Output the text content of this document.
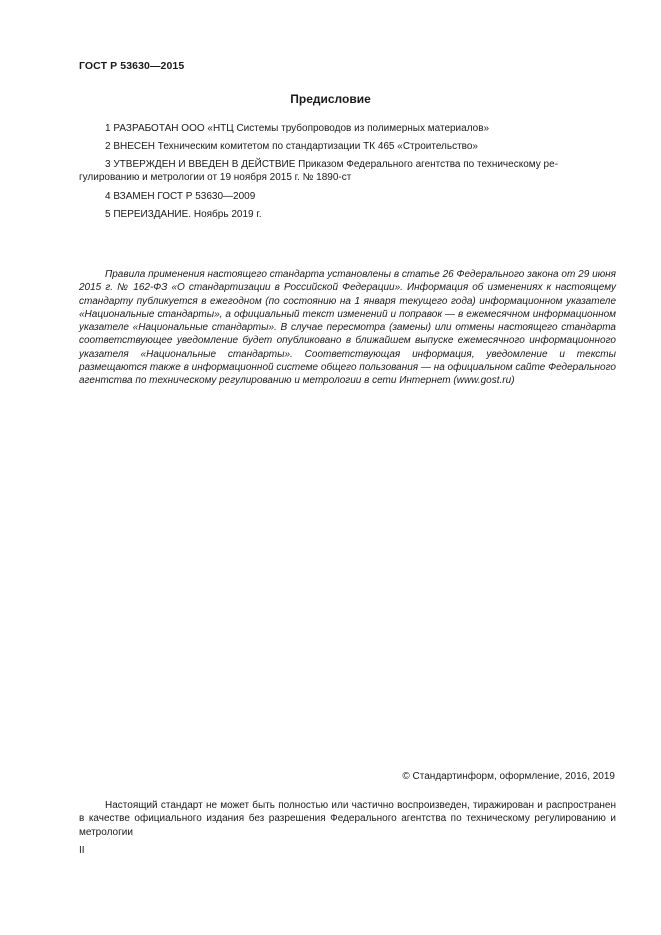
ГОСТ Р 53630—2015
Предисловие
1 РАЗРАБОТАН ООО «НТЦ Системы трубопроводов из полимерных материалов»
2 ВНЕСЕН Техническим комитетом по стандартизации ТК 465 «Строительство»
3 УТВЕРЖДЕН И ВВЕДЕН В ДЕЙСТВИЕ Приказом Федерального агентства по техническому ре-
гулированию и метрологии от 19 ноября 2015 г. № 1890-ст
4 ВЗАМЕН ГОСТ Р 53630—2009
5 ПЕРЕИЗДАНИЕ. Ноябрь 2019 г.
Правила применения настоящего стандарта установлены в статье 26 Федерального закона от 29 июня 2015 г. № 162-ФЗ «О стандартизации в Российской Федерации». Информация об изменениях к настоящему стандарту публикуется в ежегодном (по состоянию на 1 января текущего года) информационном указателе «Национальные стандарты», а официальный текст изменений и поправок — в ежемесячном информационном указателе «Национальные стандарты». В случае пересмотра (замены) или отмены настоящего стандарта соответствующее уведомление будет опубликовано в ближайшем выпуске ежемесячного информационного указателя «Национальные стандарты». Соответствующая информация, уведомление и тексты размещаются также в информационной системе общего пользования — на официальном сайте Федерального агентства по техническому регулированию и метрологии в сети Интернет (www.gost.ru)
© Стандартинформ, оформление, 2016, 2019
Настоящий стандарт не может быть полностью или частично воспроизведен, тиражирован и распространен в качестве официального издания без разрешения Федерального агентства по техническому регулированию и метрологии
II
